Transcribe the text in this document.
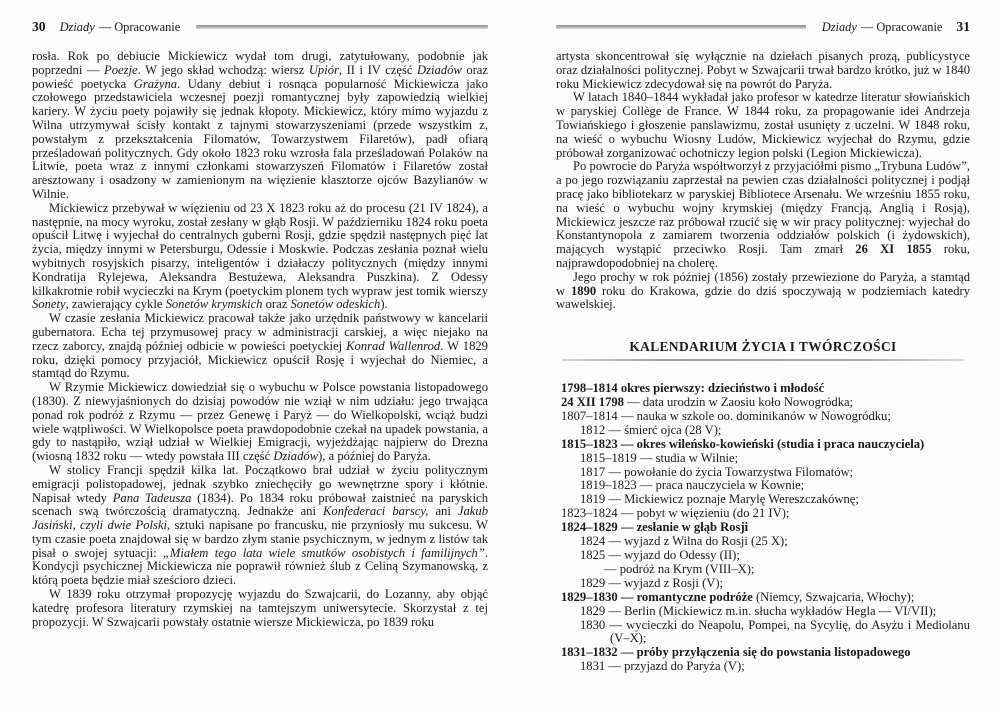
30 Dziady — Opracowanie

rosła. Rok po debiucie Mickiewicz wydał tom drugi, zatytułowany, podobnie jak poprzedni — Poezje. W jego skład wchodzą: wiersz Upiór, II i IV część Dziadów oraz powieść poetycka Grażyna. Udany debiut i rosnąca popularność Mickiewicza jako czołowego przedstawiciela wczesnej poezji romantycznej były zapowiedzią wielkiej kariery. W życiu poety pojawiły się jednak kłopoty. Mickiewicz, który mimo wyjazdu z Wilna utrzymywał ścisły kontakt z tajnymi stowarzyszeniami (przede wszystkim z, powstałym z przekształcenia Filomatów, Towarzystwem Filaretów), padł ofiarą prześladowań politycznych. Gdy około 1823 roku wzrosła fala prześladowań Polaków na Litwie, poeta wraz z innymi członkami stowarzyszeń Filomatów i Filaretów został aresztowany i osadzony w zamienionym na więzienie klasztorze ojców Bazylianów w Wilnie.

Mickiewicz przebywał w więzieniu od 23 X 1823 roku aż do procesu (21 IV 1824), a następnie, na mocy wyroku, został zesłany w głąb Rosji. W październiku 1824 roku poeta opuścił Litwę i wyjechał do centralnych guberni Rosji, gdzie spędził następnych pięć lat życia, między innymi w Petersburgu, Odessie i Moskwie. Podczas zesłania poznał wielu wybitnych rosyjskich pisarzy, inteligentów i działaczy politycznych (między innymi Kondratija Rylejewa, Aleksandra Bestużewa, Aleksandra Puszkina). Z Odessy kilkakrotnie robił wycieczki na Krym (poetyckim plonem tych wypraw jest tomik wierszy Sonety, zawierający cykle Sonetów krymskich oraz Sonetów odeskich).

W czasie zesłania Mickiewicz pracował także jako urzędnik państwowy w kancelarii gubernatora. Echa tej przymusowej pracy w administracji carskiej, a więc niejako na rzecz zaborcy, znajdą później odbicie w powieści poetyckiej Konrad Wallenrod. W 1829 roku, dzięki pomocy przyjaciół, Mickiewicz opuścił Rosję i wyjechał do Niemiec, a stamtąd do Rzymu.

W Rzymie Mickiewicz dowiedział się o wybuchu w Polsce powstania listopadowego (1830). Z niewyjaśnionych do dzisiaj powodów nie wziął w nim udziału: jego trwająca ponad rok podróż z Rzymu — przez Genewę i Paryż — do Wielkopolski, wciąż budzi wiele wątpliwości. W Wielkopolsce poeta prawdopodobnie czekał na upadek powstania, a gdy to nastąpiło, wziął udział w Wielkiej Emigracji, wyjeżdżając najpierw do Drezna (wiosną 1832 roku — wtedy powstała III część Dziadów), a później do Paryża.

W stolicy Francji spędził kilka lat. Początkowo brał udział w życiu politycznym emigracji polistopadowej, jednak szybko zniechęciły go wewnętrzne spory i kłótnie. Napisał wtedy Pana Tadeusza (1834). Po 1834 roku próbował zaistnieć na paryskich scenach swą twórczością dramatyczną. Jednakże ani Konfederaci barscy, ani Jakub Jasiński, czyli dwie Polski, sztuki napisane po francusku, nie przyniosły mu sukcesu. W tym czasie poeta znajdował się w bardzo złym stanie psychicznym, w jednym z listów tak pisał o swojej sytuacji: „Miałem tego lata wiele smutków osobistych i familijnych”. Kondycji psychicznej Mickiewicza nie poprawił również ślub z Celiną Szymanowską, z którą poeta będzie miał sześcioro dzieci.

W 1839 roku otrzymał propozycję wyjazdu do Szwajcarii, do Lozanny, aby objąć katedrę profesora literatury rzymskiej na tamtejszym uniwersytecie. Skorzystał z tej propozycji. W Szwajcarii powstały ostatnie wiersze Mickiewicza, po 1839 roku

Dziady — Opracowanie 31

artysta skoncentrował się wyłącznie na dziełach pisanych prozą, publicystyce oraz działalności politycznej. Pobyt w Szwajcarii trwał bardzo krótko, już w 1840 roku Mickiewicz zdecydował się na powrót do Paryża.

W latach 1840–1844 wykładał jako profesor w katedrze literatur słowiańskich w paryskiej Collège de France. W 1844 roku, za propagowanie idei Andrzeja Towiańskiego i głoszenie panslawizmu, został usunięty z uczelni. W 1848 roku, na wieść o wybuchu Wiosny Ludów, Mickiewicz wyjechał do Rzymu, gdzie próbował zorganizować ochotniczy legion polski (Legion Mickiewicza).

Po powrocie do Paryża współtworzył z przyjaciółmi pismo „Trybuna Ludów”, a po jego rozwiązaniu zaprzestał na pewien czas działalności politycznej i podjął pracę jako bibliotekarz w paryskiej Bibliotece Arsenału. We wrześniu 1855 roku, na wieść o wybuchu wojny krymskiej (między Francją, Anglią i Rosją), Mickiewicz jeszcze raz próbował rzucić się w wir pracy politycznej: wyjechał do Konstantynopola z zamiarem tworzenia oddziałów polskich (i żydowskich), mających wystąpić przeciwko Rosji. Tam zmarł 26 XI 1855 roku, najprawdopodobniej na cholerę.

Jego prochy w rok później (1856) zostały przewiezione do Paryża, a stamtąd w 1890 roku do Krakowa, gdzie do dziś spoczywają w podziemiach katedry wawelskiej.

KALENDARIUM ŻYCIA I TWÓRCZOŚCI
1798–1814 okres pierwszy: dzieciństwo i młodość
24 XII 1798 — data urodzin w Zaosiu koło Nowogródka;
1807–1814 — nauka w szkole oo. dominikanów w Nowogródku;
1812 — śmierć ojca (28 V);
1815–1823 — okres wileńsko-kowieński (studia i praca nauczyciela)
1815–1819 — studia w Wilnie;
1817 — powołanie do życia Towarzystwa Filomatów;
1819–1823 — praca nauczyciela w Kownie;
1819 — Mickiewicz poznaje Marylę Wereszczakównę;
1823–1824 — pobyt w więzieniu (do 21 IV);
1824–1829 — zesłanie w głąb Rosji
1824 — wyjazd z Wilna do Rosji (25 X);
1825 — wyjazd do Odessy (II);
— podróż na Krym (VIII–X);
1829 — wyjazd z Rosji (V);
1829–1830 — romantyczne podróże (Niemcy, Szwajcaria, Włochy);
1829 — Berlin (Mickiewicz m.in. słucha wykładów Hegla — VI/VII);
1830 — wycieczki do Neapolu, Pompei, na Sycylię, do Asyżu i Mediolanu (V–X);
1831–1832 — próby przyłączenia się do powstania listopadowego
1831 — przyjazd do Paryża (V);
